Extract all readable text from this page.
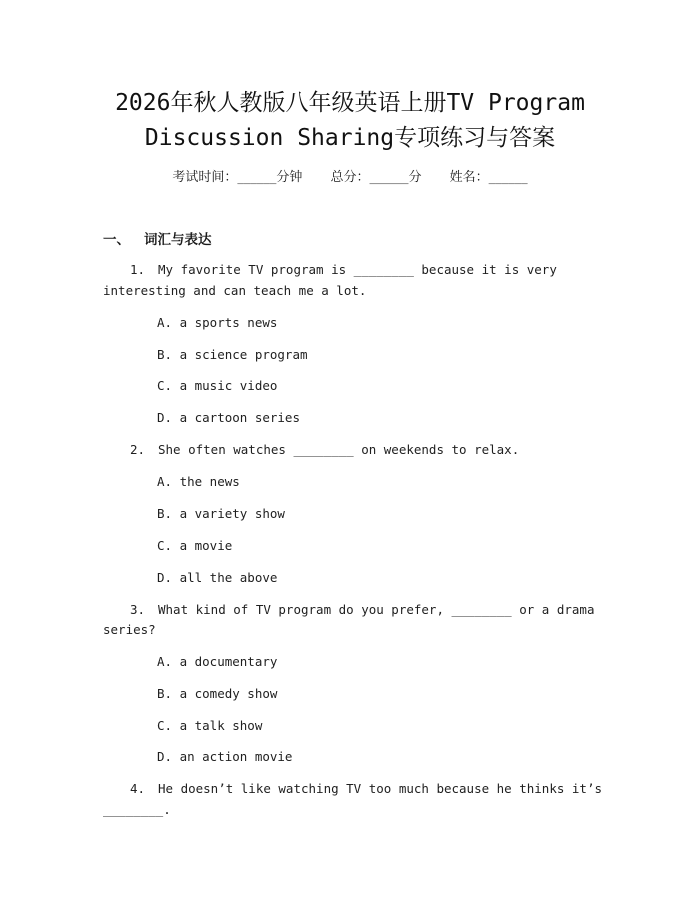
2026年秋人教版八年级英语上册TV Program
Discussion Sharing专项练习与答案
考试时间：______分钟 总分：______分 姓名：______
一、 词汇与表达
1. My favorite TV program is ________ because it is very
interesting and can teach me a lot.
A. a sports news
B. a science program
C. a music video
D. a cartoon series
2. She often watches ________ on weekends to relax.
A. the news
B. a variety show
C. a movie
D. all the above
3. What kind of TV program do you prefer, ________ or a drama
series?
A. a documentary
B. a comedy show
C. a talk show
D. an action movie
4. He doesn’t like watching TV too much because he thinks it’s
________.
